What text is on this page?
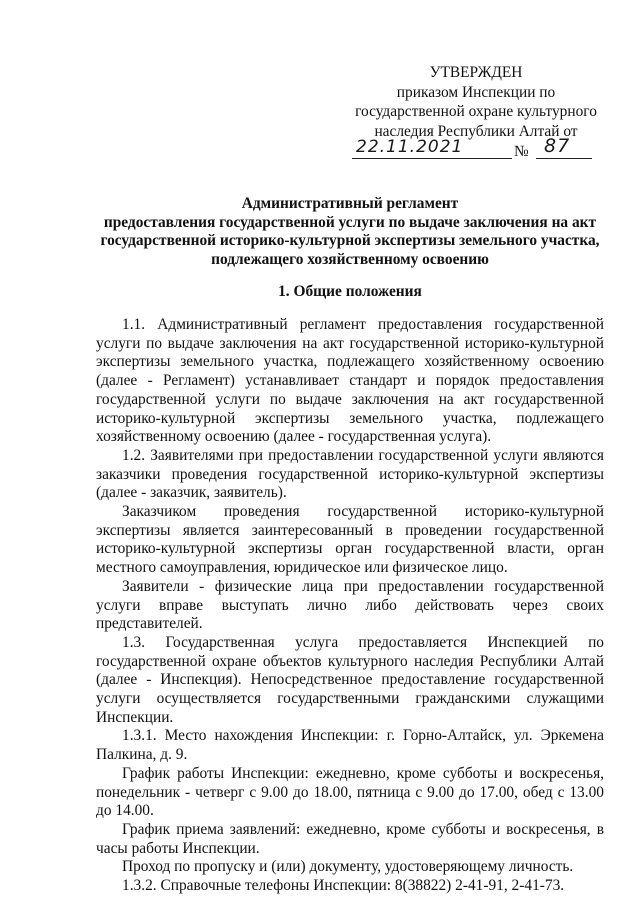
УТВЕРЖДЕН
приказом Инспекции по
государственной охране культурного
наследия Республики Алтай от
22.11.2021	№ 87
Административный регламент
предоставления государственной услуги по выдаче заключения на акт
государственной историко-культурной экспертизы земельного участка,
подлежащего хозяйственному освоению
1. Общие положения

1.1. Административный регламент предоставления государственной услуги по выдаче заключения на акт государственной историко-культурной экспертизы земельного участка, подлежащего хозяйственному освоению (далее - Регламент) устанавливает стандарт и порядок предоставления государственной услуги по выдаче заключения на акт государственной историко-культурной экспертизы земельного участка, подлежащего хозяйственному освоению (далее - государственная услуга).

1.2. Заявителями при предоставлении государственной услуги являются заказчики проведения государственной историко-культурной экспертизы (далее - заказчик, заявитель).

Заказчиком проведения государственной историко-культурной экспертизы является заинтересованный в проведении государственной историко-культурной экспертизы орган государственной власти, орган местного самоуправления, юридическое или физическое лицо.

Заявители - физические лица при предоставлении государственной услуги вправе выступать лично либо действовать через своих представителей.

1.3. Государственная услуга предоставляется Инспекцией по государственной охране объектов культурного наследия Республики Алтай (далее - Инспекция). Непосредственное предоставление государственной услуги осуществляется государственными гражданскими служащими Инспекции.

1.3.1. Место нахождения Инспекции: г. Горно-Алтайск, ул. Эркемена Палкина, д. 9.

График работы Инспекции: ежедневно, кроме субботы и воскресенья, понедельник - четверг с 9.00 до 18.00, пятница с 9.00 до 17.00, обед с 13.00 до 14.00.

График приема заявлений: ежедневно, кроме субботы и воскресенья, в часы работы Инспекции.

Проход по пропуску и (или) документу, удостоверяющему личность.

1.3.2. Справочные телефоны Инспекции: 8(38822) 2-41-91, 2-41-73.
